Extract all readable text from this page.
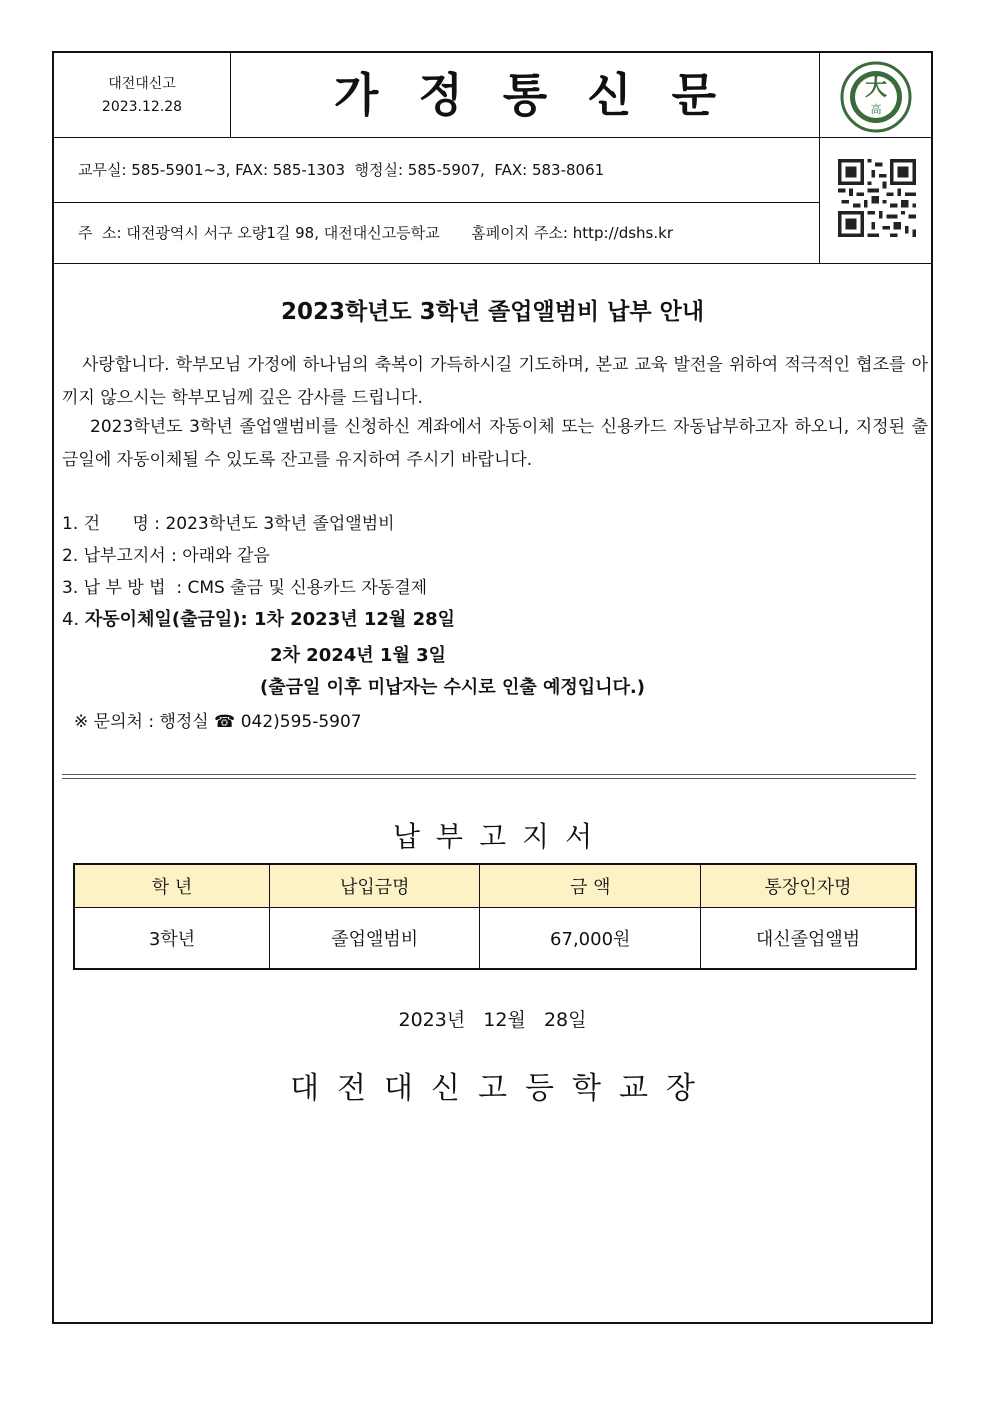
대전대신고
2023.12.28	가정통신문	大
高
교무실: 585-5901~3, FAX: 585-1303  행정실: 585-5907,  FAX: 583-8061
주  소: 대전광역시 서구 오량1길 98, 대전대신고등학교 홈페이지 주소: http://dshs.kr
2023학년도 3학년 졸업앨범비 납부 안내
사랑합니다. 학부모님 가정에 하나님의 축복이 가득하시길 기도하며, 본교 교육 발전을 위하여 적극적인 협조를 아끼지 않으시는 학부모님께 깊은 감사를 드립니다.
2023학년도 3학년 졸업앨범비를 신청하신 계좌에서 자동이체 또는 신용카드 자동납부하고자 하오니, 지정된 출금일에 자동이체될 수 있도록 잔고를 유지하여 주시기 바랍니다.
1. 건      명 : 2023학년도 3학년 졸업앨범비
2. 납부고지서 : 아래와 같음
3. 납 부 방 법  : CMS 출금 및 신용카드 자동결제
4. 자동이체일(출금일): 1차 2023년 12월 28일
2차 2024년 1월 3일
(출금일 이후 미납자는 수시로 인출 예정입니다.)
※ 문의처 : 행정실 ☎ 042)595-5907
납부고지서
학 년	납입금명	금 액	통장인자명
3학년	졸업앨범비	67,000원	대신졸업앨범
2023년   12월   28일
대전대신고등학교장
